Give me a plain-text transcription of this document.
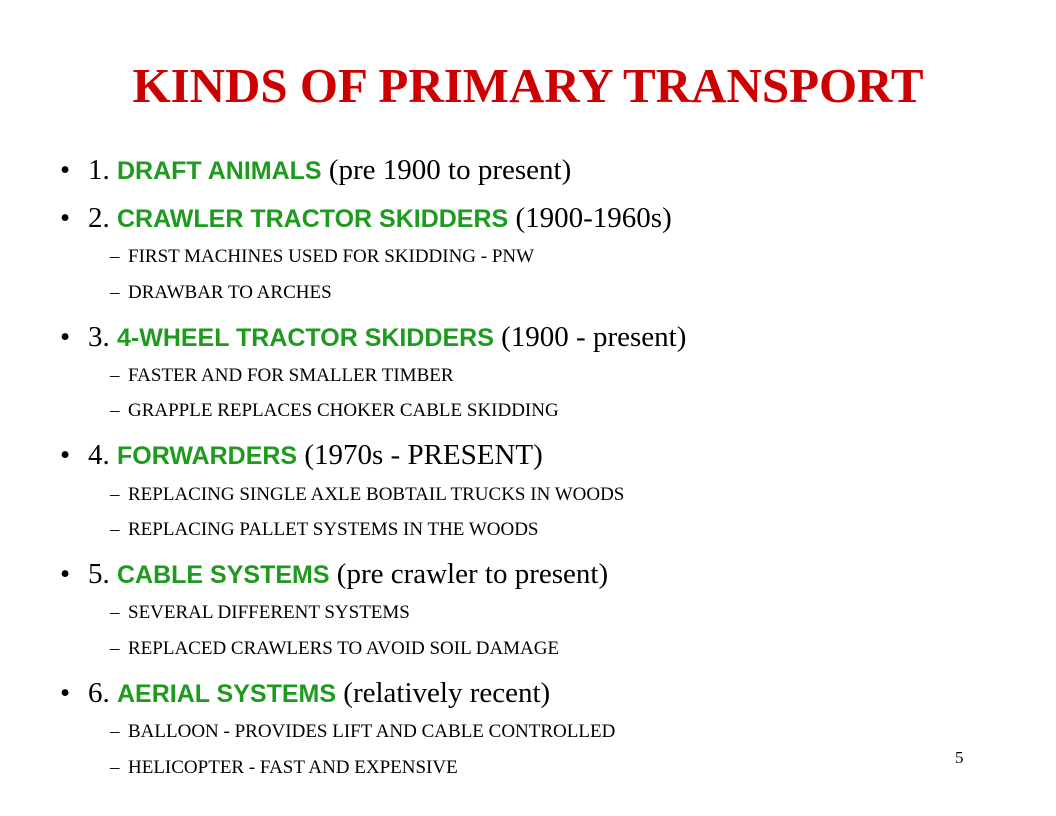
KINDS OF PRIMARY TRANSPORT
• 1. DRAFT ANIMALS (pre 1900 to present)
• 2. CRAWLER TRACTOR SKIDDERS (1900-1960s)
– FIRST MACHINES USED FOR SKIDDING - PNW
– DRAWBAR TO ARCHES
• 3. 4-WHEEL TRACTOR SKIDDERS (1900 - present)
– FASTER AND FOR SMALLER TIMBER
– GRAPPLE REPLACES CHOKER CABLE SKIDDING
• 4. FORWARDERS (1970s - PRESENT)
– REPLACING SINGLE AXLE BOBTAIL TRUCKS IN WOODS
– REPLACING PALLET SYSTEMS IN THE WOODS
• 5. CABLE SYSTEMS (pre crawler to present)
– SEVERAL DIFFERENT SYSTEMS
– REPLACED CRAWLERS TO AVOID SOIL DAMAGE
• 6. AERIAL SYSTEMS (relatively recent)
– BALLOON - PROVIDES LIFT AND CABLE CONTROLLED
– HELICOPTER - FAST AND EXPENSIVE	5
